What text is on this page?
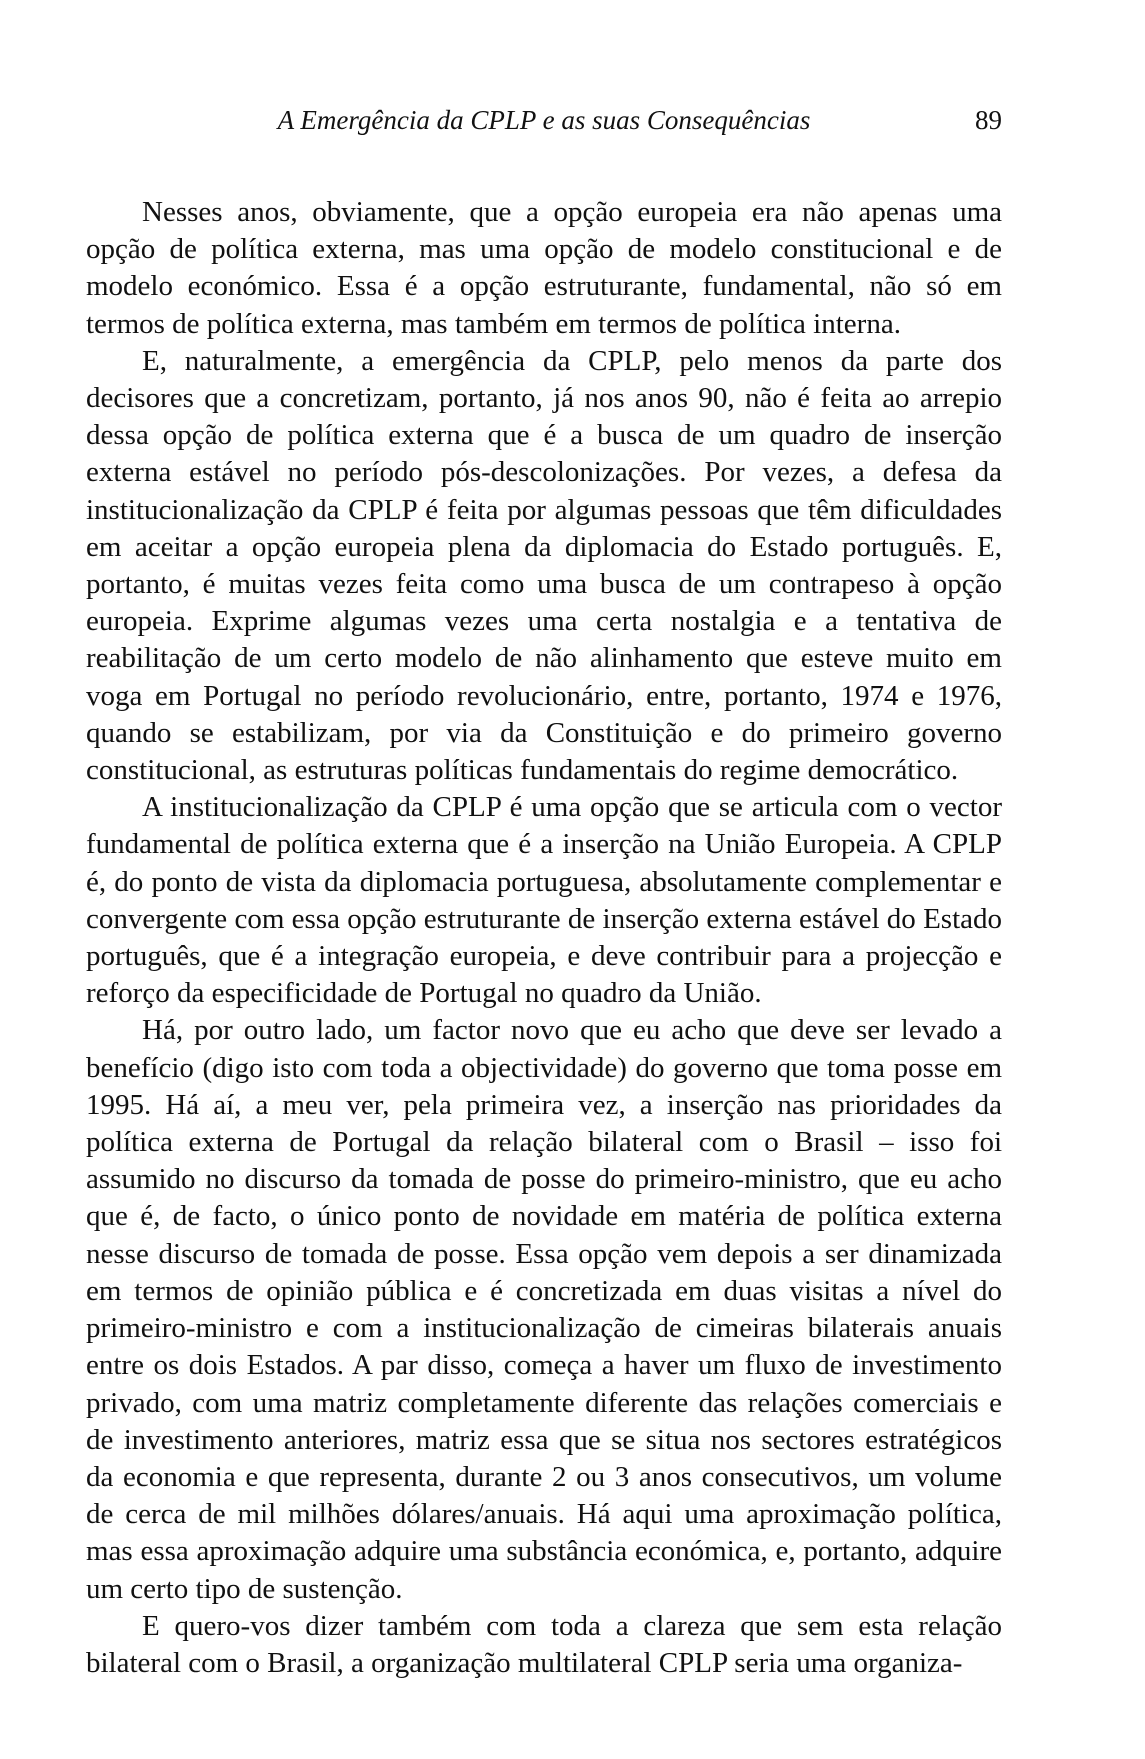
A Emergência da CPLP e as suas Consequências	89

Nesses anos, obviamente, que a opção europeia era não apenas uma opção de política externa, mas uma opção de modelo constitucional e de modelo económico. Essa é a opção estruturante, fundamental, não só em termos de política externa, mas também em termos de política interna.

E, naturalmente, a emergência da CPLP, pelo menos da parte dos decisores que a concretizam, portanto, já nos anos 90, não é feita ao arrepio dessa opção de política externa que é a busca de um quadro de inserção externa estável no período pós-descolonizações. Por vezes, a defesa da institucionalização da CPLP é feita por algumas pessoas que têm dificuldades em aceitar a opção europeia plena da diplomacia do Estado português. E, portanto, é muitas vezes feita como uma busca de um contrapeso à opção europeia. Exprime algumas vezes uma certa nostalgia e a tentativa de reabilitação de um certo modelo de não alinhamento que esteve muito em voga em Portugal no período revolucionário, entre, portanto, 1974 e 1976, quando se estabilizam, por via da Constituição e do primeiro governo constitucional, as estruturas políticas fundamentais do regime democrático.

A institucionalização da CPLP é uma opção que se articula com o vector fundamental de política externa que é a inserção na União Europeia. A CPLP é, do ponto de vista da diplomacia portuguesa, absolutamente complementar e convergente com essa opção estruturante de inserção externa estável do Estado português, que é a integração europeia, e deve contribuir para a projecção e reforço da especificidade de Portugal no quadro da União.

Há, por outro lado, um factor novo que eu acho que deve ser levado a benefício (digo isto com toda a objectividade) do governo que toma posse em 1995. Há aí, a meu ver, pela primeira vez, a inserção nas prioridades da política externa de Portugal da relação bilateral com o Brasil – isso foi assumido no discurso da tomada de posse do primeiro-ministro, que eu acho que é, de facto, o único ponto de novidade em matéria de política externa nesse discurso de tomada de posse. Essa opção vem depois a ser dinamizada em termos de opinião pública e é concretizada em duas visitas a nível do primeiro-ministro e com a institucionalização de cimeiras bilaterais anuais entre os dois Estados. A par disso, começa a haver um fluxo de investimento privado, com uma matriz completamente diferente das relações comerciais e de investimento anteriores, matriz essa que se situa nos sectores estratégicos da economia e que representa, durante 2 ou 3 anos consecutivos, um volume de cerca de mil milhões dólares/anuais. Há aqui uma aproximação política, mas essa aproximação adquire uma substância económica, e, portanto, adquire um certo tipo de sustenção.

E quero-vos dizer também com toda a clareza que sem esta relação bilateral com o Brasil, a organização multilateral CPLP seria uma organiza-
